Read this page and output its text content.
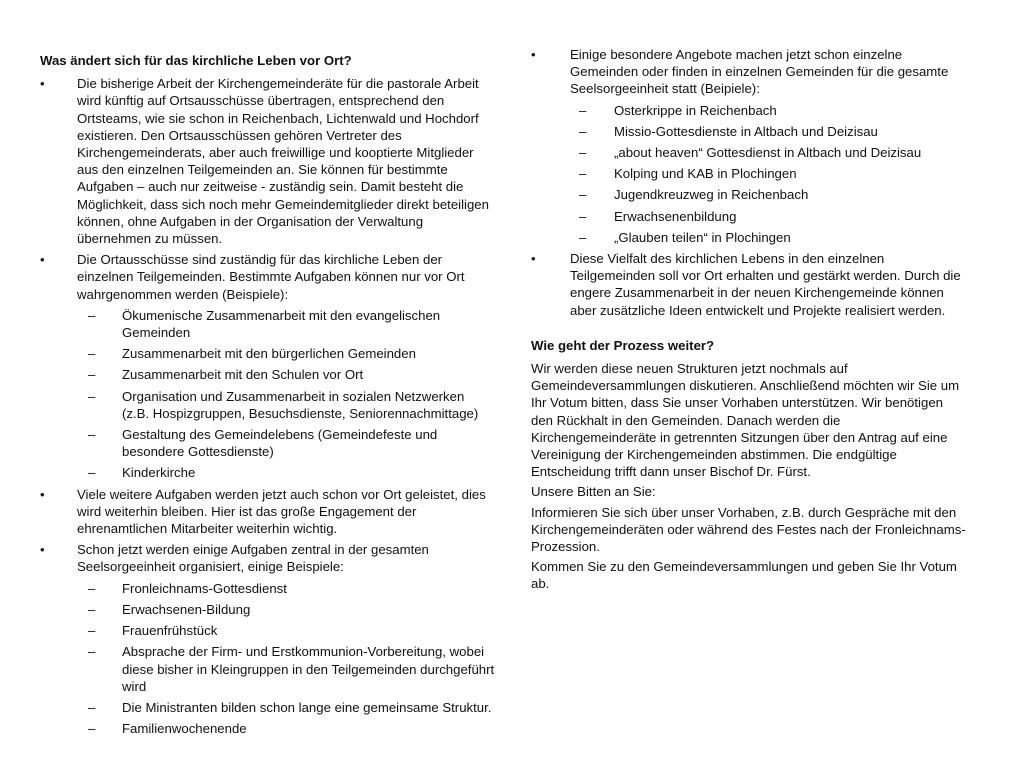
Was ändert sich für das kirchliche Leben vor Ort?

•	Die bisherige Arbeit der Kirchengemeinderäte für die pastorale Arbeit wird künftig auf Ortsausschüsse übertragen, entsprechend den Ortsteams, wie sie schon in Reichenbach, Lichtenwald und Hochdorf existieren. Den Ortsausschüssen gehören Vertreter des Kirchengemeinderats, aber auch freiwillige und kooptierte Mitglieder aus den einzelnen Teilgemeinden an. Sie können für bestimmte Aufgaben – auch nur zeitweise - zuständig sein. Damit besteht die Möglichkeit, dass sich noch mehr Gemeindemitglieder direkt beteiligen können, ohne Aufgaben in der Organisation der Verwaltung übernehmen zu müssen.
•	Die Ortausschüsse sind zuständig für das kirchliche Leben der einzelnen Teilgemeinden. Bestimmte Aufgaben können nur vor Ort wahrgenommen werden (Beispiele):
– Ökumenische Zusammenarbeit mit den evangelischen Gemeinden
– Zusammenarbeit mit den bürgerlichen Gemeinden
– Zusammenarbeit mit den Schulen vor Ort
– Organisation und Zusammenarbeit in sozialen Netzwerken (z.B. Hospizgruppen, Besuchsdienste, Seniorennachmittage)
– Gestaltung des Gemeindelebens (Gemeindefeste und besondere Gottesdienste)
– Kinderkirche
•	Viele weitere Aufgaben werden jetzt auch schon vor Ort geleistet, dies wird weiterhin bleiben. Hier ist das große Engagement der ehrenamtlichen Mitarbeiter weiterhin wichtig.
•	Schon jetzt werden einige Aufgaben zentral in der gesamten Seelsorgeeinheit organisiert, einige Beispiele:
– Fronleichnams-Gottesdienst
– Erwachsenen-Bildung
– Frauenfrühstück
– Absprache der Firm- und Erstkommunion-Vorbereitung, wobei diese bisher in Kleingruppen in den Teilgemeinden durchgeführt wird
– Die Ministranten bilden schon lange eine gemeinsame Struktur.
– Familienwochenende
•	Einige besondere Angebote machen jetzt schon einzelne Gemeinden oder finden in einzelnen Gemeinden für die gesamte Seelsorgeeinheit statt (Beipiele):
– Osterkrippe in Reichenbach
– Missio-Gottesdienste in Altbach und Deizisau
– „about heaven“ Gottesdienst in Altbach und Deizisau
– Kolping und KAB in Plochingen
– Jugendkreuzweg in Reichenbach
– Erwachsenenbildung
– „Glauben teilen“ in Plochingen
•	Diese Vielfalt des kirchlichen Lebens in den einzelnen Teilgemeinden soll vor Ort erhalten und gestärkt werden. Durch die engere Zusammenarbeit in der neuen Kirchengemeinde können aber zusätzliche Ideen entwickelt und Projekte realisiert werden.

Wie geht der Prozess weiter?

Wir werden diese neuen Strukturen jetzt nochmals auf Gemeindeversammlungen diskutieren. Anschließend möchten wir Sie um Ihr Votum bitten, dass Sie unser Vorhaben unterstützen. Wir benötigen den Rückhalt in den Gemeinden. Danach werden die Kirchengemeinderäte in getrennten Sitzungen über den Antrag auf eine Vereinigung der Kirchengemeinden abstimmen. Die endgültige Entscheidung trifft dann unser Bischof Dr. Fürst.

Unsere Bitten an Sie:

Informieren Sie sich über unser Vorhaben, z.B. durch Gespräche mit den Kirchengemeinderäten oder während des Festes nach der Fronleichnams-Prozession.

Kommen Sie zu den Gemeindeversammlungen und geben Sie Ihr Votum ab.
